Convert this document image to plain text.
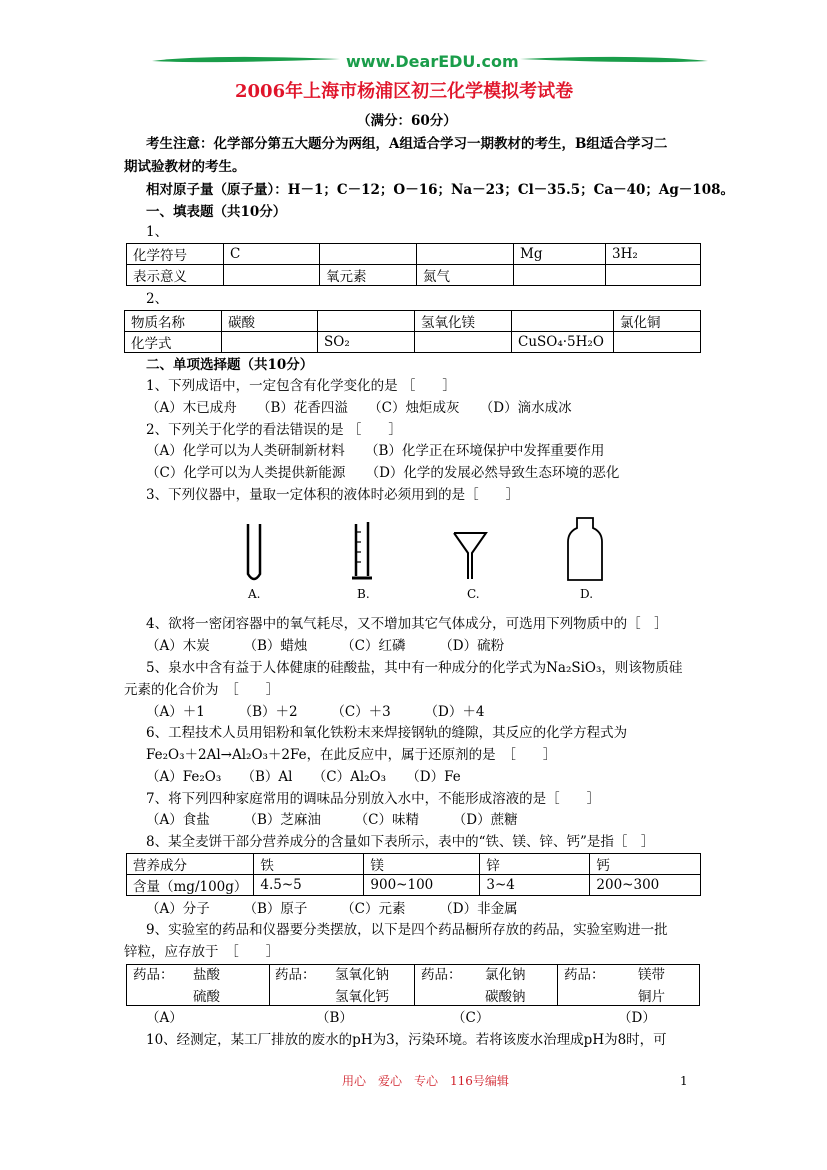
www.DearEDU.com
2006年上海市杨浦区初三化学模拟考试卷
（满分：60分）
考生注意：化学部分第五大题分为两组，A组适合学习一期教材的考生，B组适合学习二
期试验教材的考生。
相对原子量（原子量）：H－1；C－12；O－16；Na－23；Cl－35.5；Ca－40；Ag－108。
一、填表题（共10分）
1、
化学符号	C			Mg	3H₂
表示意义		氧元素	氮气		
2、
物质名称	碳酸		氢氧化镁		氯化铜
化学式		SO₂		CuSO₄·5H₂O	
二、单项选择题（共10分）
1、下列成语中，一定包含有化学变化的是 ［　　］
（A）木已成舟　　（B）花香四溢　　（C）烛炬成灰　　（D）滴水成冰
2、下列关于化学的看法错误的是 ［　　］
（A）化学可以为人类研制新材料　　（B）化学正在环境保护中发挥重要作用
（C）化学可以为人类提供新能源　　（D）化学的发展必然导致生态环境的恶化
3、下列仪器中，量取一定体积的液体时必须用到的是［　　］
A.	B.	C.	D.
4、欲将一密闭容器中的氧气耗尽，又不增加其它气体成分，可选用下列物质中的［　］
（A）木炭　　　（B）蜡烛　　　（C）红磷　　　（D）硫粉
5、泉水中含有益于人体健康的硅酸盐，其中有一种成分的化学式为Na₂SiO₃，则该物质硅
元素的化合价为　［　　］
（A）＋1　　　（B）＋2　　　（C）＋3　　　（D）＋4
6、工程技术人员用铝粉和氧化铁粉末来焊接钢轨的缝隙，其反应的化学方程式为
Fe₂O₃＋2Al→Al₂O₃＋2Fe，在此反应中，属于还原剂的是　［　　］
（A）Fe₂O₃　　（B）Al　　（C）Al₂O₃　　（D）Fe
7、将下列四种家庭常用的调味品分别放入水中，不能形成溶液的是［　　］
（A）食盐　　　（B）芝麻油　　　（C）味精　　　（D）蔗糖
8、某全麦饼干部分营养成分的含量如下表所示，表中的“铁、镁、锌、钙”是指［　］
营养成分	铁	镁	锌	钙
含量（mg/100g）	4.5~5	900~100	3~4	200~300
（A）分子　　　（B）原子　　　（C）元素　　　（D）非金属
9、实验室的药品和仪器要分类摆放，以下是四个药品橱所存放的药品，实验室购进一批
锌粒，应存放于　［　　］
药品： 盐酸
硫酸
药品： 氢氧化钠
氢氧化钙
药品： 氯化钠
碳酸钠
药品： 镁带
铜片
（A）	（B）	（C）	（D）
10、经测定，某工厂排放的废水的pH为3，污染环境。若将该废水治理成pH为8时，可
用心　爱心　专心　116号编辑	1
